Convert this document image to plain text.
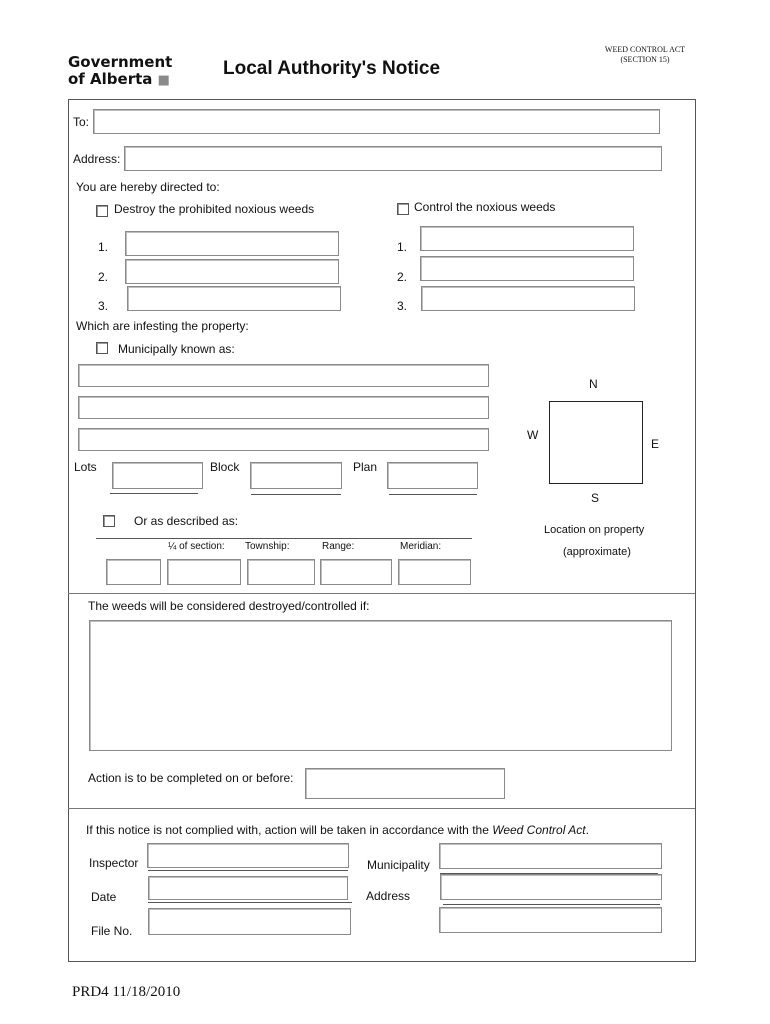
Government
of Alberta ■
Local Authority's Notice
WEED CONTROL ACT
(SECTION 15)
To:
Address:
You are hereby directed to:
Destroy the prohibited noxious weeds	Control the noxious weeds
1.
2.
3.
1.
2.
3.
Which are infesting the property:
Municipally known as:
Lots	Block	Plan
Or as described as:
¼ of section: Township:	Range:	Meridian:
N
W
E
S
Location on property
(approximate)
The weeds will be considered destroyed/controlled if:
Action is to be completed on or before:
If this notice is not complied with, action will be taken in accordance with the Weed Control Act.
Inspector
Date
File No.
Municipality
Address
PRD4 11/18/2010
